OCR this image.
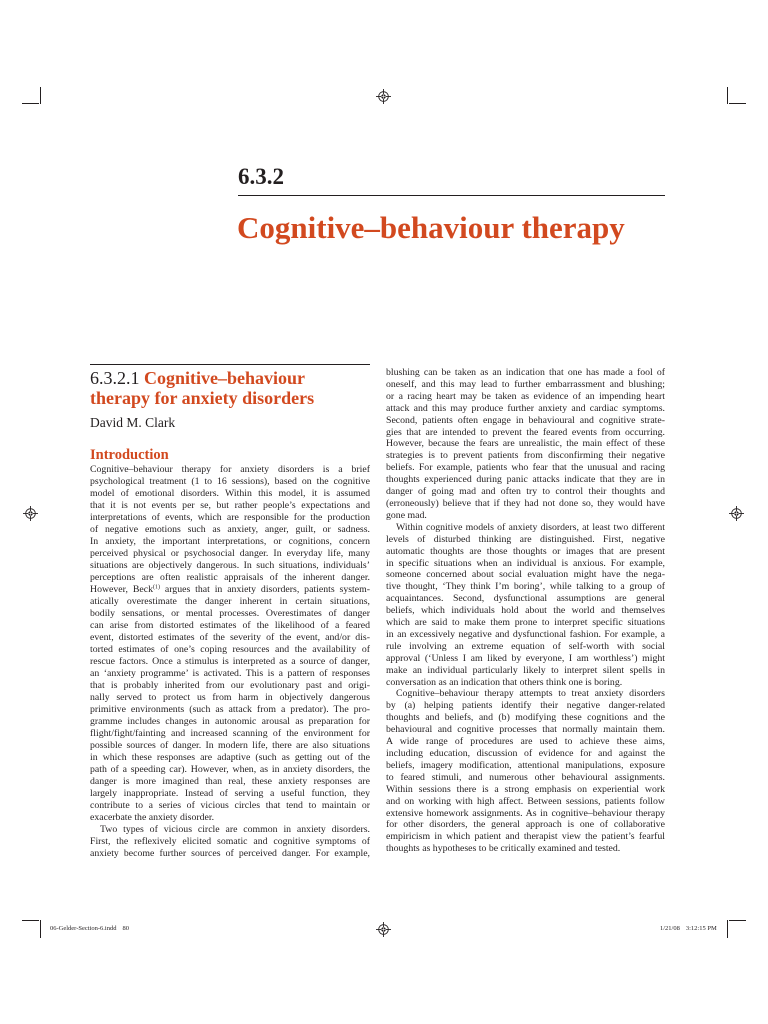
6.3.2
Cognitive–behaviour therapy
6.3.2.1 Cognitive–behaviour
therapy for anxiety disorders
David M. Clark
Introduction
Cognitive–behaviour therapy for anxiety disorders is a brief
psychological treatment (1 to 16 sessions), based on the cognitive
model of emotional disorders. Within this model, it is assumed
that it is not events per se, but rather people’s expectations and
interpretations of events, which are responsible for the production
of negative emotions such as anxiety, anger, guilt, or sadness.
In anxiety, the important interpretations, or cognitions, concern
perceived physical or psychosocial danger. In everyday life, many
situations are objectively dangerous. In such situations, individuals’
perceptions are often realistic appraisals of the inherent danger.
However, Beck$^{(1)}$ argues that in anxiety disorders, patients system-
atically overestimate the danger inherent in certain situations,
bodily sensations, or mental processes. Overestimates of danger
can arise from distorted estimates of the likelihood of a feared
event, distorted estimates of the severity of the event, and/or dis-
torted estimates of one’s coping resources and the availability of
rescue factors. Once a stimulus is interpreted as a source of danger,
an ‘anxiety programme’ is activated. This is a pattern of responses
that is probably inherited from our evolutionary past and origi-
nally served to protect us from harm in objectively dangerous
primitive environments (such as attack from a predator). The pro-
gramme includes changes in autonomic arousal as preparation for
flight/fight/fainting and increased scanning of the environment for
possible sources of danger. In modern life, there are also situations
in which these responses are adaptive (such as getting out of the
path of a speeding car). However, when, as in anxiety disorders, the
danger is more imagined than real, these anxiety responses are
largely inappropriate. Instead of serving a useful function, they
contribute to a series of vicious circles that tend to maintain or
exacerbate the anxiety disorder.
Two types of vicious circle are common in anxiety disorders.
First, the reflexively elicited somatic and cognitive symptoms of
anxiety become further sources of perceived danger. For example,
blushing can be taken as an indication that one has made a fool of
oneself, and this may lead to further embarrassment and blushing;
or a racing heart may be taken as evidence of an impending heart
attack and this may produce further anxiety and cardiac symptoms.
Second, patients often engage in behavioural and cognitive strate-
gies that are intended to prevent the feared events from occurring.
However, because the fears are unrealistic, the main effect of these
strategies is to prevent patients from disconfirming their negative
beliefs. For example, patients who fear that the unusual and racing
thoughts experienced during panic attacks indicate that they are in
danger of going mad and often try to control their thoughts and
(erroneously) believe that if they had not done so, they would have
gone mad.
Within cognitive models of anxiety disorders, at least two different
levels of disturbed thinking are distinguished. First, negative
automatic thoughts are those thoughts or images that are present
in specific situations when an individual is anxious. For example,
someone concerned about social evaluation might have the nega-
tive thought, ‘They think I’m boring’, while talking to a group of
acquaintances. Second, dysfunctional assumptions are general
beliefs, which individuals hold about the world and themselves
which are said to make them prone to interpret specific situations
in an excessively negative and dysfunctional fashion. For example, a
rule involving an extreme equation of self-worth with social
approval (‘Unless I am liked by everyone, I am worthless’) might
make an individual particularly likely to interpret silent spells in
conversation as an indication that others think one is boring.
Cognitive–behaviour therapy attempts to treat anxiety disorders
by (a) helping patients identify their negative danger-related
thoughts and beliefs, and (b) modifying these cognitions and the
behavioural and cognitive processes that normally maintain them.
A wide range of procedures are used to achieve these aims,
including education, discussion of evidence for and against the
beliefs, imagery modification, attentional manipulations, exposure
to feared stimuli, and numerous other behavioural assignments.
Within sessions there is a strong emphasis on experiential work
and on working with high affect. Between sessions, patients follow
extensive homework assignments. As in cognitive–behaviour therapy
for other disorders, the general approach is one of collaborative
empiricism in which patient and therapist view the patient’s fearful
thoughts as hypotheses to be critically examined and tested.
06-Gelder-Section-6.indd 80	1/21/08 3:12:15 PM
